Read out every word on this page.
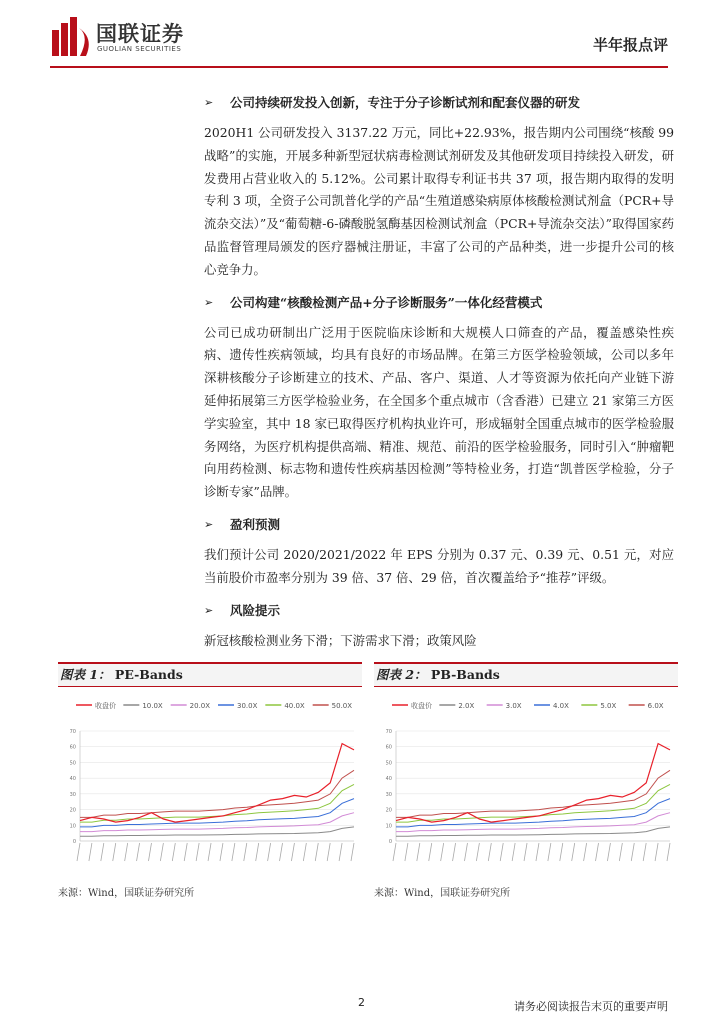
国联证券
GUOLIAN SECURITIES	半年报点评
➢	公司持续研发投入创新，专注于分子诊断试剂和配套仪器的研发

2020H1 公司研发投入 3137.22 万元，同比+22.93%，报告期内公司围绕“核酸 99 战略”的实施，开展多种新型冠状病毒检测试剂研发及其他研发项目持续投入研发，研发费用占营业收入的 5.12%。公司累计取得专利证书共 37 项，报告期内取得的发明专利 3 项，全资子公司凯普化学的产品“生殖道感染病原体核酸检测试剂盒（PCR+导流杂交法）”及“葡萄糖-6-磷酸脱氢酶基因检测试剂盒（PCR+导流杂交法）”取得国家药品监督管理局颁发的医疗器械注册证，丰富了公司的产品种类，进一步提升公司的核心竞争力。

➢	公司构建“核酸检测产品+分子诊断服务”一体化经营模式

公司已成功研制出广泛用于医院临床诊断和大规模人口筛查的产品，覆盖感染性疾病、遗传性疾病领域，均具有良好的市场品牌。在第三方医学检验领域，公司以多年深耕核酸分子诊断建立的技术、产品、客户、渠道、人才等资源为依托向产业链下游延伸拓展第三方医学检验业务，在全国多个重点城市（含香港）已建立 21 家第三方医学实验室，其中 18 家已取得医疗机构执业许可，形成辐射全国重点城市的医学检验服务网络，为医疗机构提供高端、精准、规范、前沿的医学检验服务，同时引入“肿瘤靶向用药检测、标志物和遗传性疾病基因检测”等特检业务，打造“凯普医学检验，分子诊断专家”品牌。

➢	盈利预测

我们预计公司 2020/2021/2022 年 EPS 分别为 0.37 元、0.39 元、0.51 元，对应当前股价市盈率分别为 39 倍、37 倍、29 倍，首次覆盖给予“推荐”评级。

➢	风险提示

新冠核酸检测业务下滑；下游需求下滑；政策风险

图表 1： PE-Bands
收盘价	10.0X	20.0X	30.0X	40.0X	50.0X
0
10
20
30
40
50
60
70
来源：Wind，国联证券研究所
图表 2： PB-Bands
收盘价	2.0X	3.0X	4.0X	5.0X	6.0X
0
10
20
30
40
50
60
70
来源：Wind，国联证券研究所
2	请务必阅读报告末页的重要声明
